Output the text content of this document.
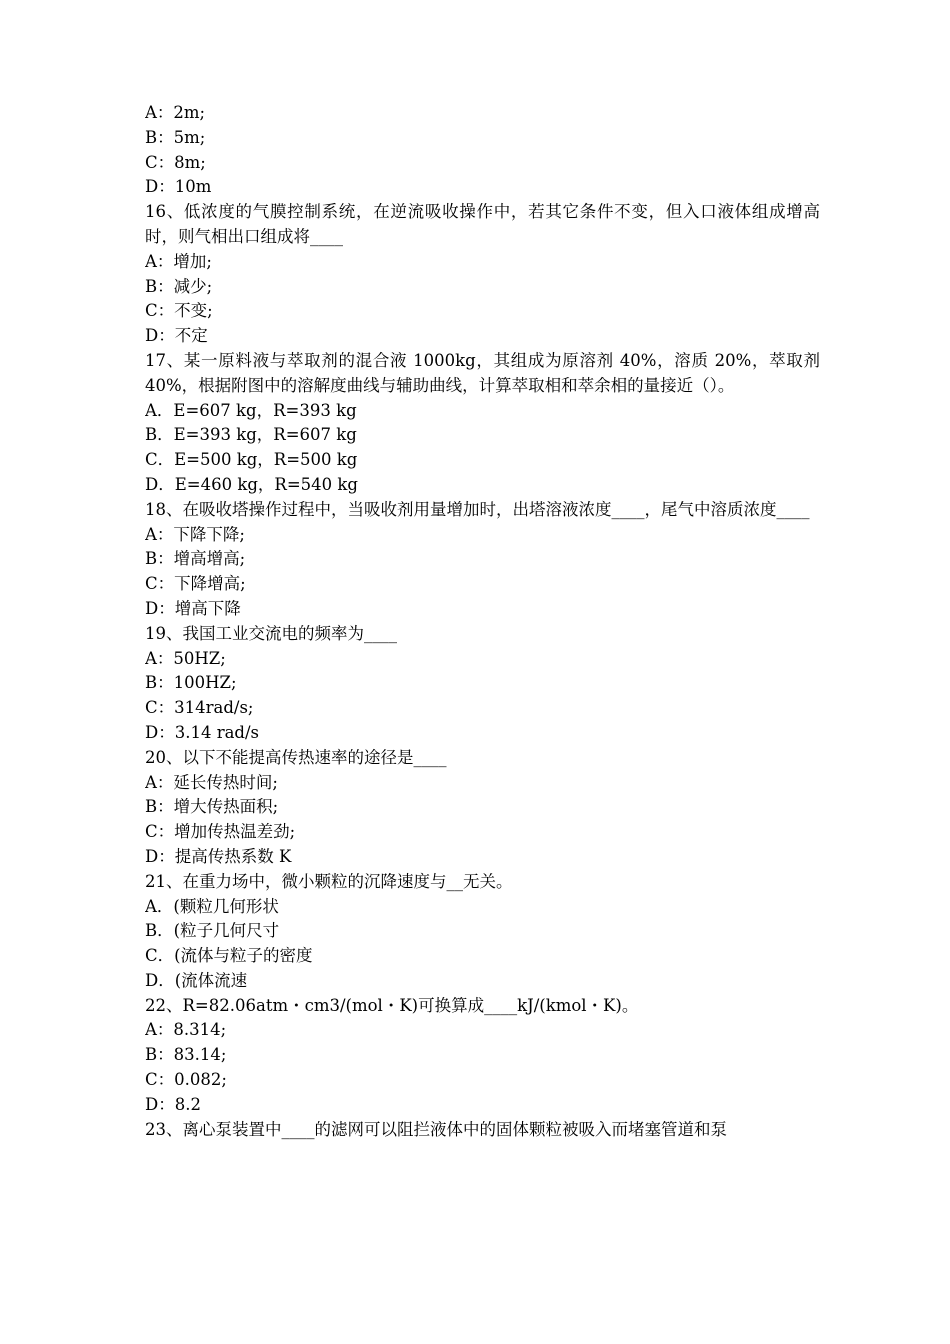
A：2m;

B：5m;

C：8m;

D：10m

16、低浓度的气膜控制系统，在逆流吸收操作中，若其它条件不变，但入口液体组成增高时，则气相出口组成将____

A：增加;

B：减少;

C：不变;

D：不定

17、某一原料液与萃取剂的混合液 1000kg，其组成为原溶剂 40%，溶质 20%，萃取剂 40%，根据附图中的溶解度曲线与辅助曲线，计算萃取相和萃余相的量接近（）。

A．E=607 kg，R=393 kg

B．E=393 kg，R=607 kg

C．E=500 kg，R=500 kg

D．E=460 kg，R=540 kg

18、在吸收塔操作过程中，当吸收剂用量增加时，出塔溶液浓度____，尾气中溶质浓度____

A：下降下降;

B：增高增高;

C：下降增高;

D：增高下降

19、我国工业交流电的频率为____

A：50HZ;

B：100HZ;

C：314rad/s;

D：3.14 rad/s

20、以下不能提高传热速率的途径是____

A：延长传热时间;

B：增大传热面积;

C：增加传热温差劲;

D：提高传热系数 K

21、在重力场中，微小颗粒的沉降速度与__无关。

A．(颗粒几何形状

B．(粒子几何尺寸

C．(流体与粒子的密度

D．(流体流速

22、R=82.06atm・cm3/(mol・K)可换算成____kJ/(kmol・K)。

A：8.314;

B：83.14;

C：0.082;

D：8.2

23、离心泵装置中____的滤网可以阻拦液体中的固体颗粒被吸入而堵塞管道和泵
